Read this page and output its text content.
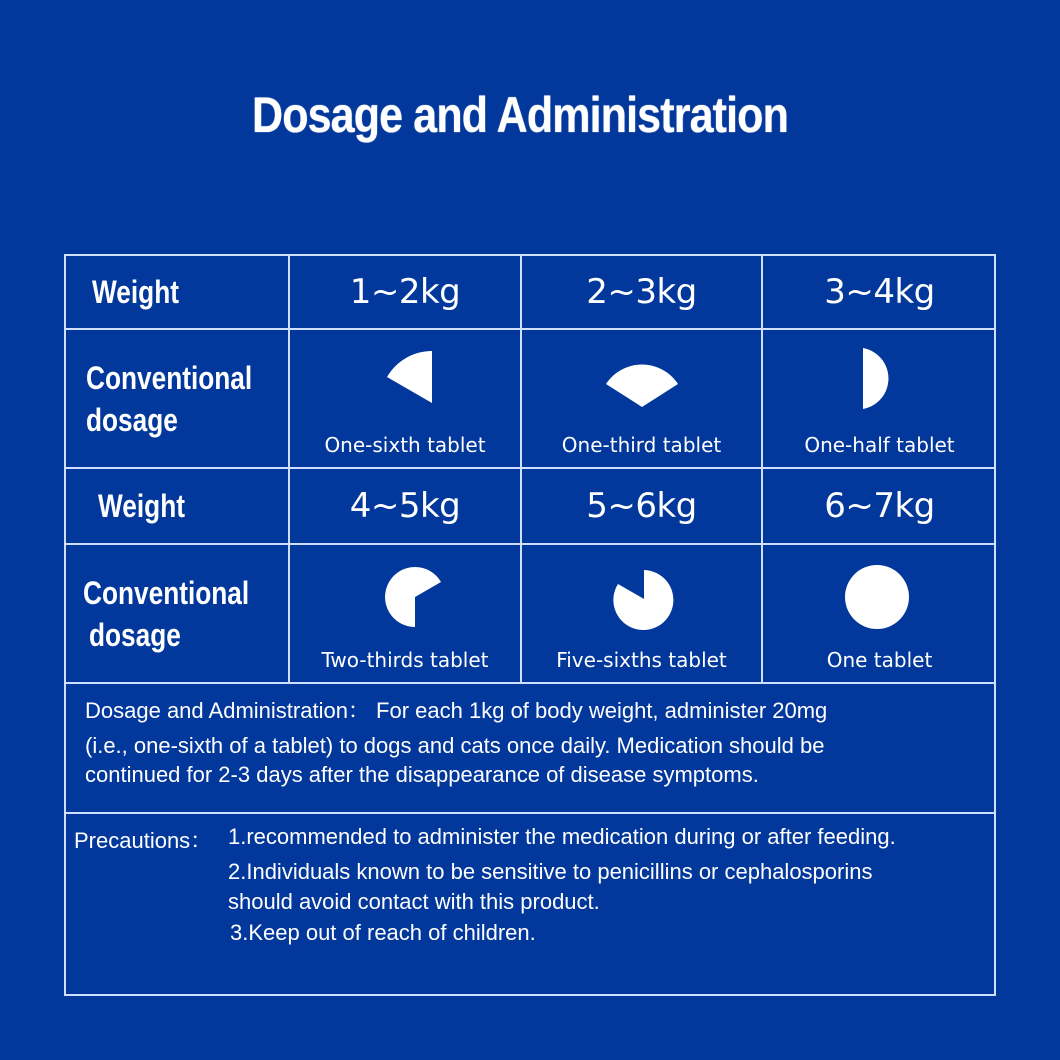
Dosage and Administration
Weight	1~2kg	2~3kg	3~4kg
Conventional
dosage
One-sixth tablet	One-third tablet	One-half tablet
Weight	4~5kg	5~6kg	6~7kg
Conventional
dosage
Two-thirds tablet	Five-sixths tablet	One tablet
Dosage and Administration： For each 1kg of body weight, administer 20mg
(i.e., one-sixth of a tablet) to dogs and cats once daily. Medication should be
continued for 2-3 days after the disappearance of disease symptoms.
Precautions： 1.recommended to administer the medication during or after feeding.
2.Individuals known to be sensitive to penicillins or cephalosporins
should avoid contact with this product.
3.Keep out of reach of children.
